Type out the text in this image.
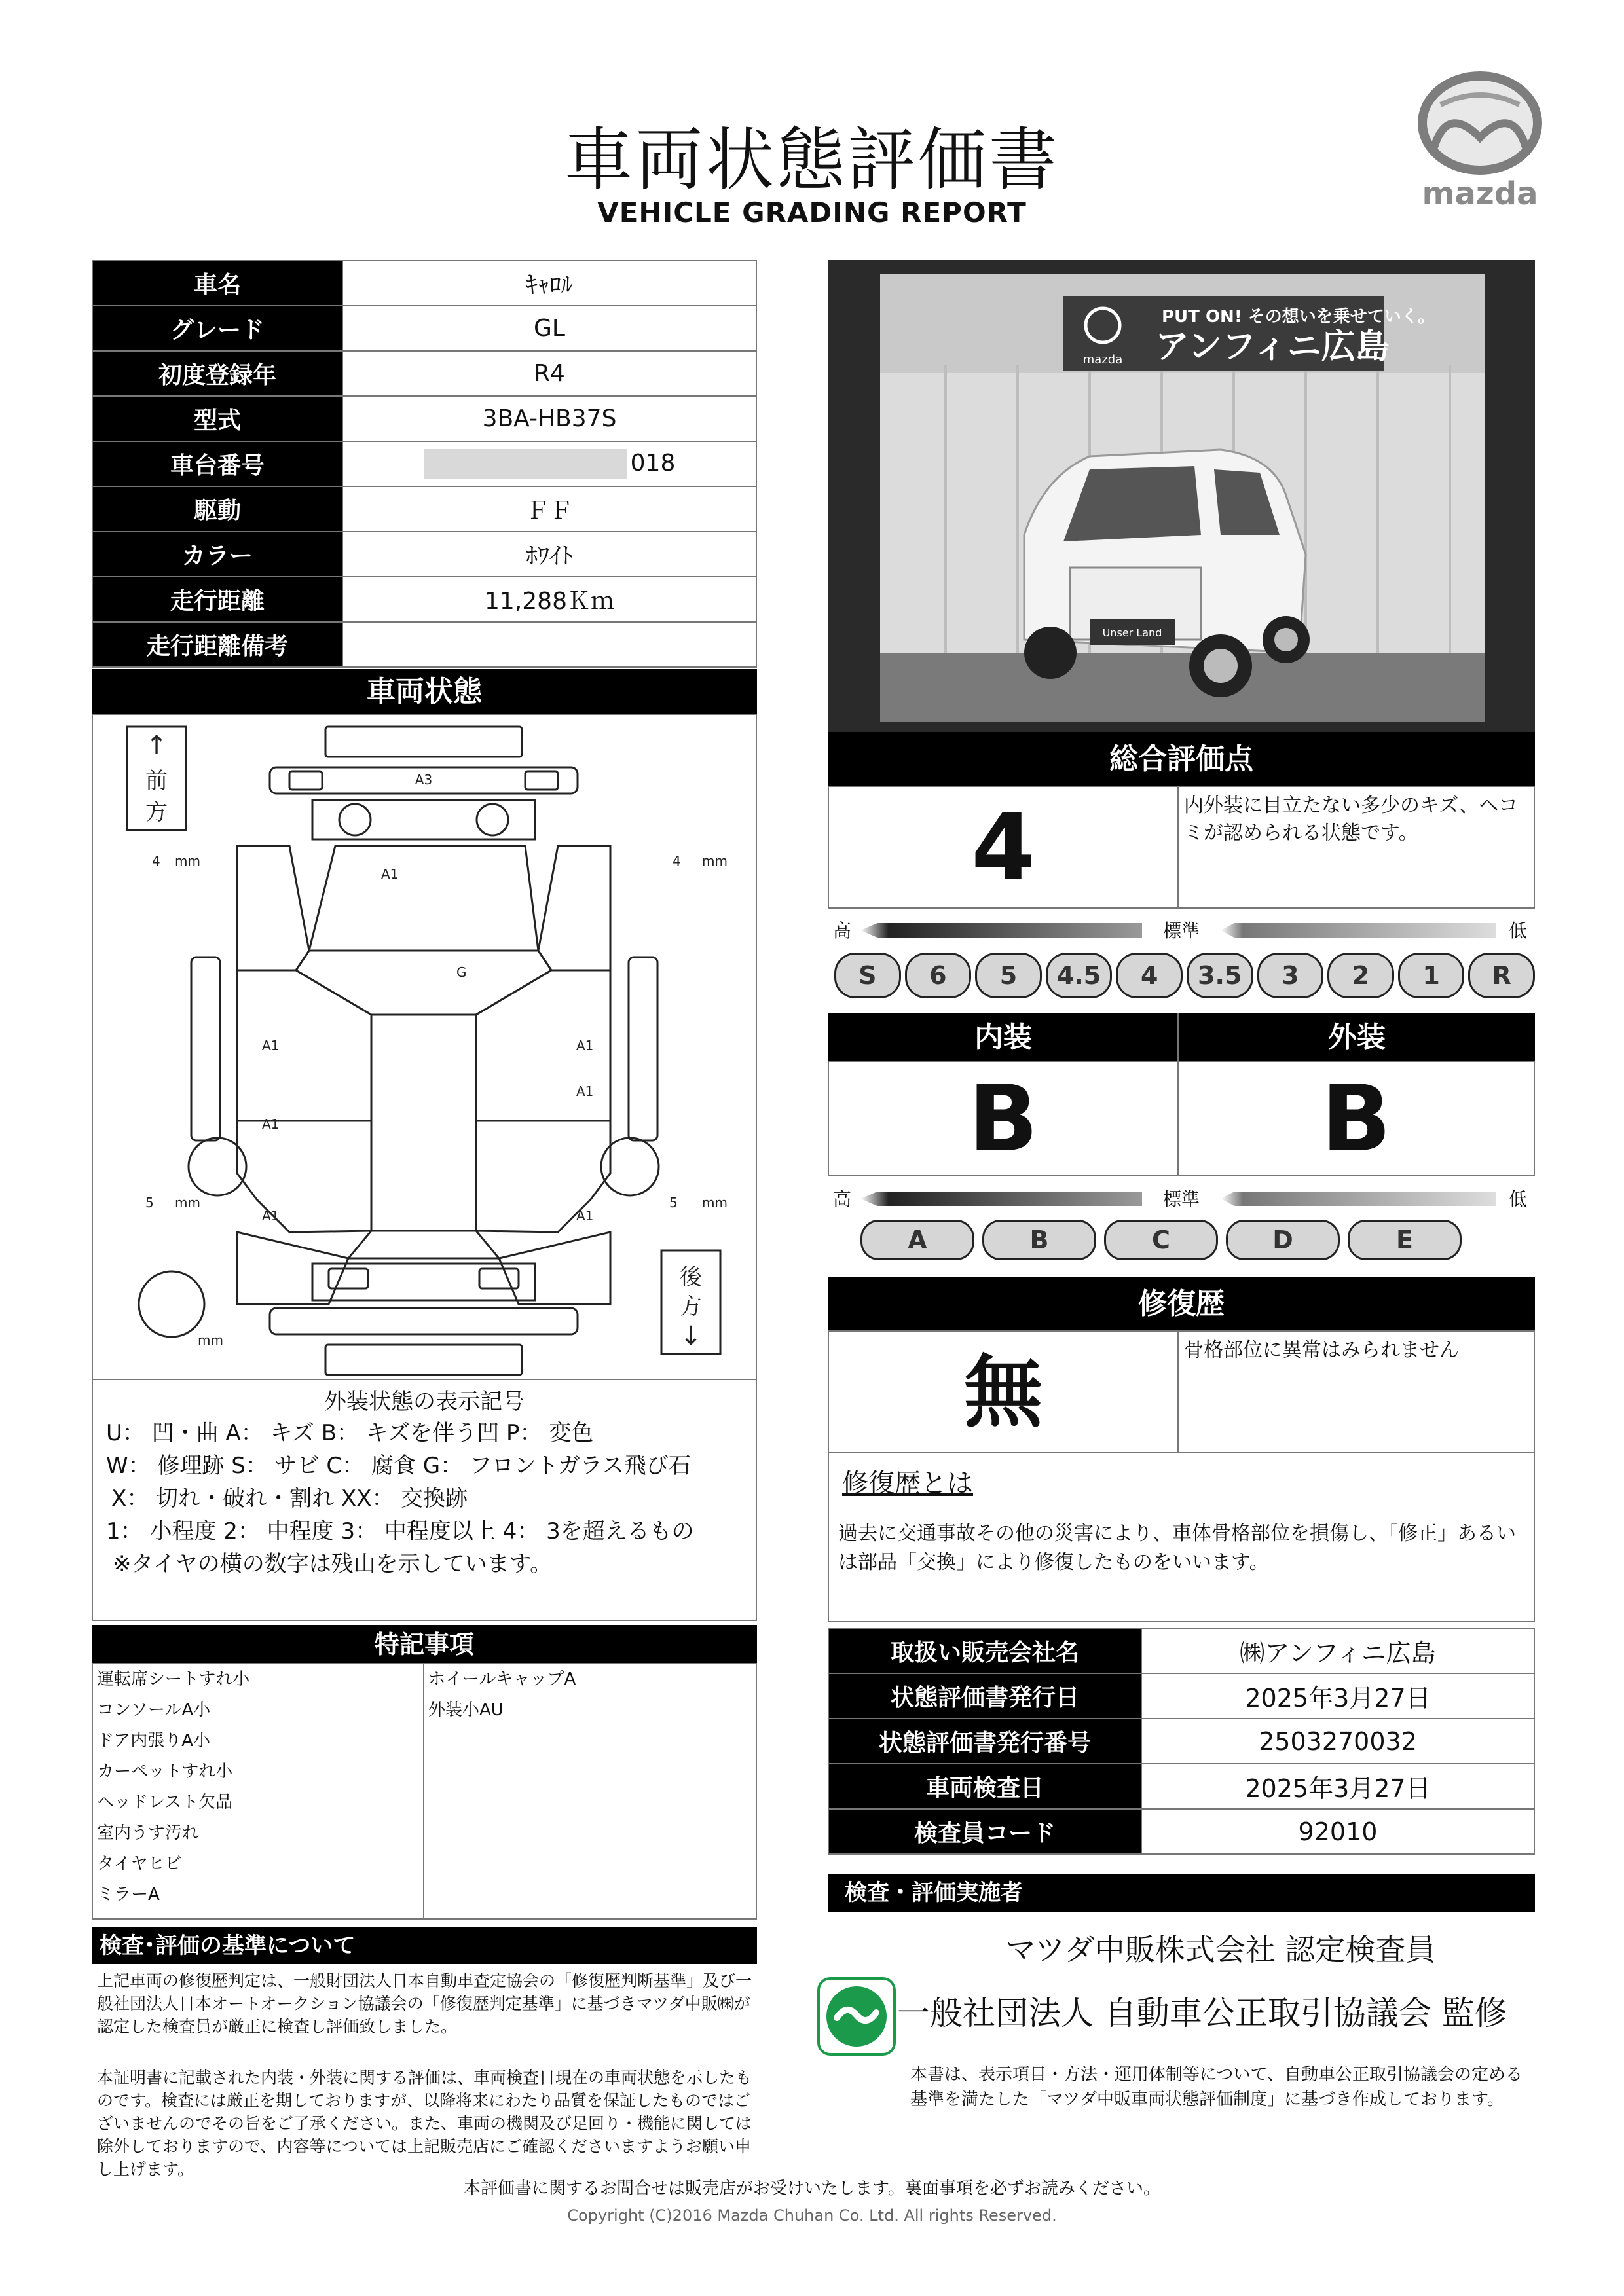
車両状態評価書
VEHICLE GRADING REPORT
mazda
車名	ｷｬﾛﾙ
グレード	GL
初度登録年	R4
型式	3BA-HB37S
車台番号	018
駆動	ＦＦ
カラー	ﾎﾜｲﾄ
走行距離	11,288Ｋｍ
走行距離備考	
車両状態
↑
前
方
後
方
↓
4 mm	4 mm
5 mm	5 mm
mm
A3
A1
G
A1	A1
A1
A1
A1	A1
外装状態の表示記号
U： 凹・曲 A： キズ B： キズを伴う凹 P： 変色
W： 修理跡 S： サビ C： 腐食 G： フロントガラス飛び石
X： 切れ・破れ・割れ XX： 交換跡
1： 小程度 2： 中程度 3： 中程度以上 4： 3を超えるもの
※タイヤの横の数字は残山を示しています。
特記事項
運転席シートすれ小
コンソールA小
ドア内張りA小
カーペットすれ小
ヘッドレスト欠品
室内うす汚れ
タイヤヒビ
ミラーA
ホイールキャップA
外装小AU
検査･評価の基準について
上記車両の修復歴判定は、一般財団法人日本自動車査定協会の「修復歴判断基準」及び一般社団法人日本オートオークション協議会の「修復歴判定基準」に基づきマツダ中販㈱が認定した検査員が厳正に検査し評価致しました。
本証明書に記載された内装・外装に関する評価は、車両検査日現在の車両状態を示したものです。検査には厳正を期しておりますが、以降将来にわたり品質を保証したものではございませんのでその旨をご了承ください。また、車両の機関及び足回り・機能に関しては除外しておりますので、内容等については上記販売店にご確認くださいますようお願い申し上げます。
PUT ON! その想いを乗せていく。
アンフィニ広島
mazda
Unser Land
総合評価点
4	内外装に目立たない多少のキズ、ヘコミが認められる状態です。
高	標準	低
S	6	5	4.5	4	3.5	3	2	1	R
内装	外装
B	B
高	標準	低
A	B	C	D	E
修復歴
無	骨格部位に異常はみられません
修復歴とは
過去に交通事故その他の災害により、車体骨格部位を損傷し、「修正」あるいは部品「交換」により修復したものをいいます。
取扱い販売会社名	㈱アンフィニ広島
状態評価書発行日	2025年3月27日
状態評価書発行番号	2503270032
車両検査日	2025年3月27日
検査員コード	92010
検査・評価実施者
マツダ中販株式会社 認定検査員
一般社団法人 自動車公正取引協議会 監修
本書は、表示項目・方法・運用体制等について、自動車公正取引協議会の定める基準を満たした「マツダ中販車両状態評価制度」に基づき作成しております。
本評価書に関するお問合せは販売店がお受けいたします。裏面事項を必ずお読みください。
Copyright (C)2016 Mazda Chuhan Co. Ltd. All rights Reserved.
